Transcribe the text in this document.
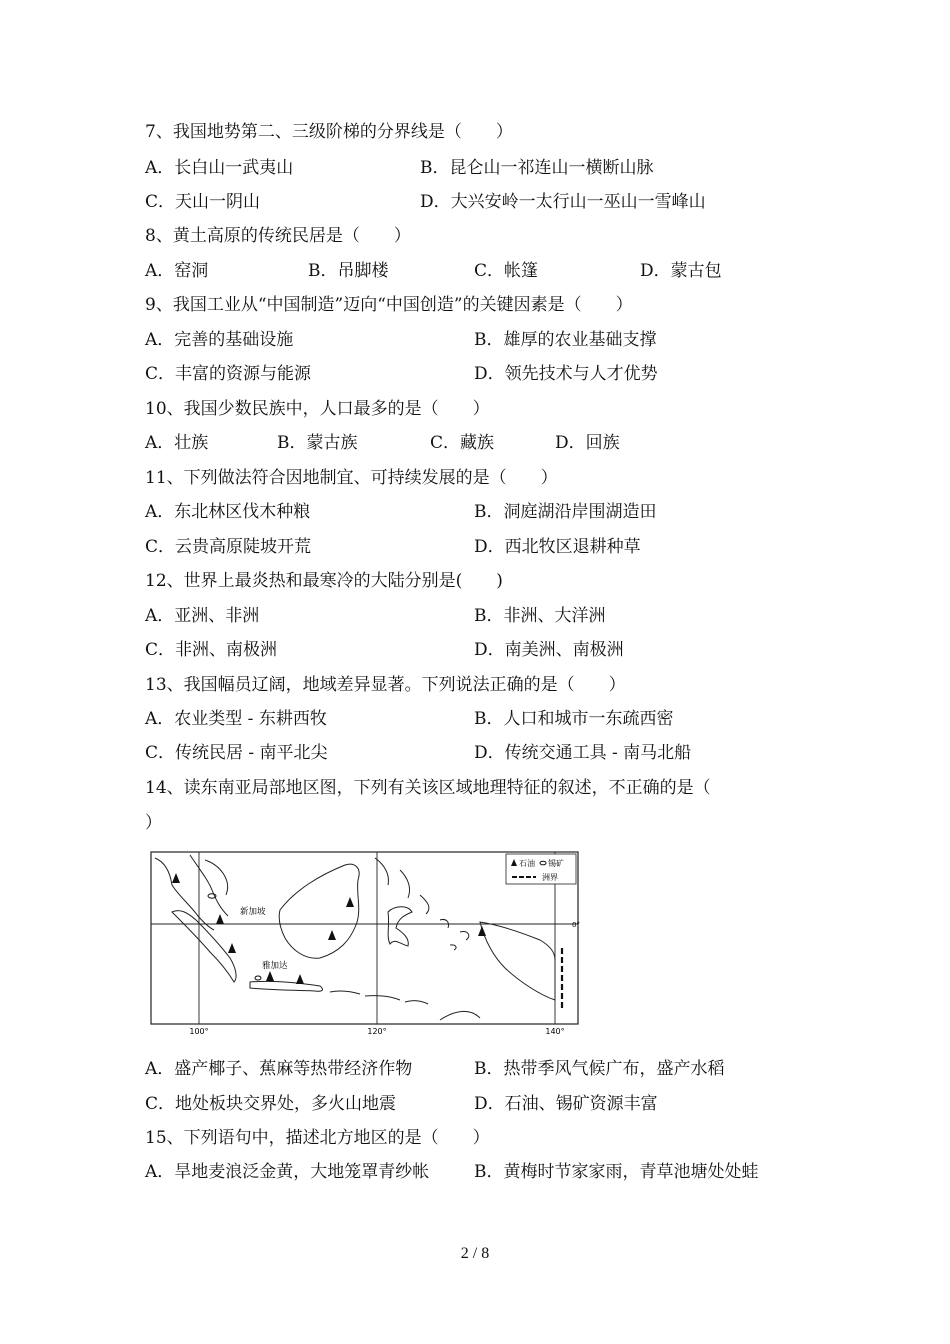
7、我国地势第二、三级阶梯的分界线是（　　）
A．长白山一武夷山	B．昆仑山一祁连山一横断山脉
C．天山一阴山	D．大兴安岭一太行山一巫山一雪峰山
8、黄土高原的传统民居是（　　）
A．窑洞	B．吊脚楼	C．帐篷	D．蒙古包
9、我国工业从“中国制造”迈向“中国创造”的关键因素是（　　）
A．完善的基础设施	B．雄厚的农业基础支撑
C．丰富的资源与能源	D．领先技术与人才优势
10、我国少数民族中，人口最多的是（　　）
A．壮族	B．蒙古族	C．藏族	D．回族
11、下列做法符合因地制宜、可持续发展的是（　　）
A．东北林区伐木种粮	B．洞庭湖沿岸围湖造田
C．云贵高原陡坡开荒	D．西北牧区退耕种草
12、世界上最炎热和最寒冷的大陆分别是(　　)
A．亚洲、非洲	B．非洲、大洋洲
C．非洲、南极洲	D．南美洲、南极洲
13、我国幅员辽阔，地域差异显著。下列说法正确的是（　　）
A．农业类型 - 东耕西牧	B．人口和城市一东疏西密
C．传统民居 - 南平北尖	D．传统交通工具 - 南马北船
14、读东南亚局部地区图，下列有关该区域地理特征的叙述，不正确的是（
）
石油 锡矿
洲界
新加坡
雅加达
0°
100°	120°	140°
A．盛产椰子、蕉麻等热带经济作物	B．热带季风气候广布，盛产水稻
C．地处板块交界处，多火山地震	D．石油、锡矿资源丰富
15、下列语句中，描述北方地区的是（　　）
A．旱地麦浪泛金黄，大地笼罩青纱帐	B．黄梅时节家家雨，青草池塘处处蛙
2 / 8
